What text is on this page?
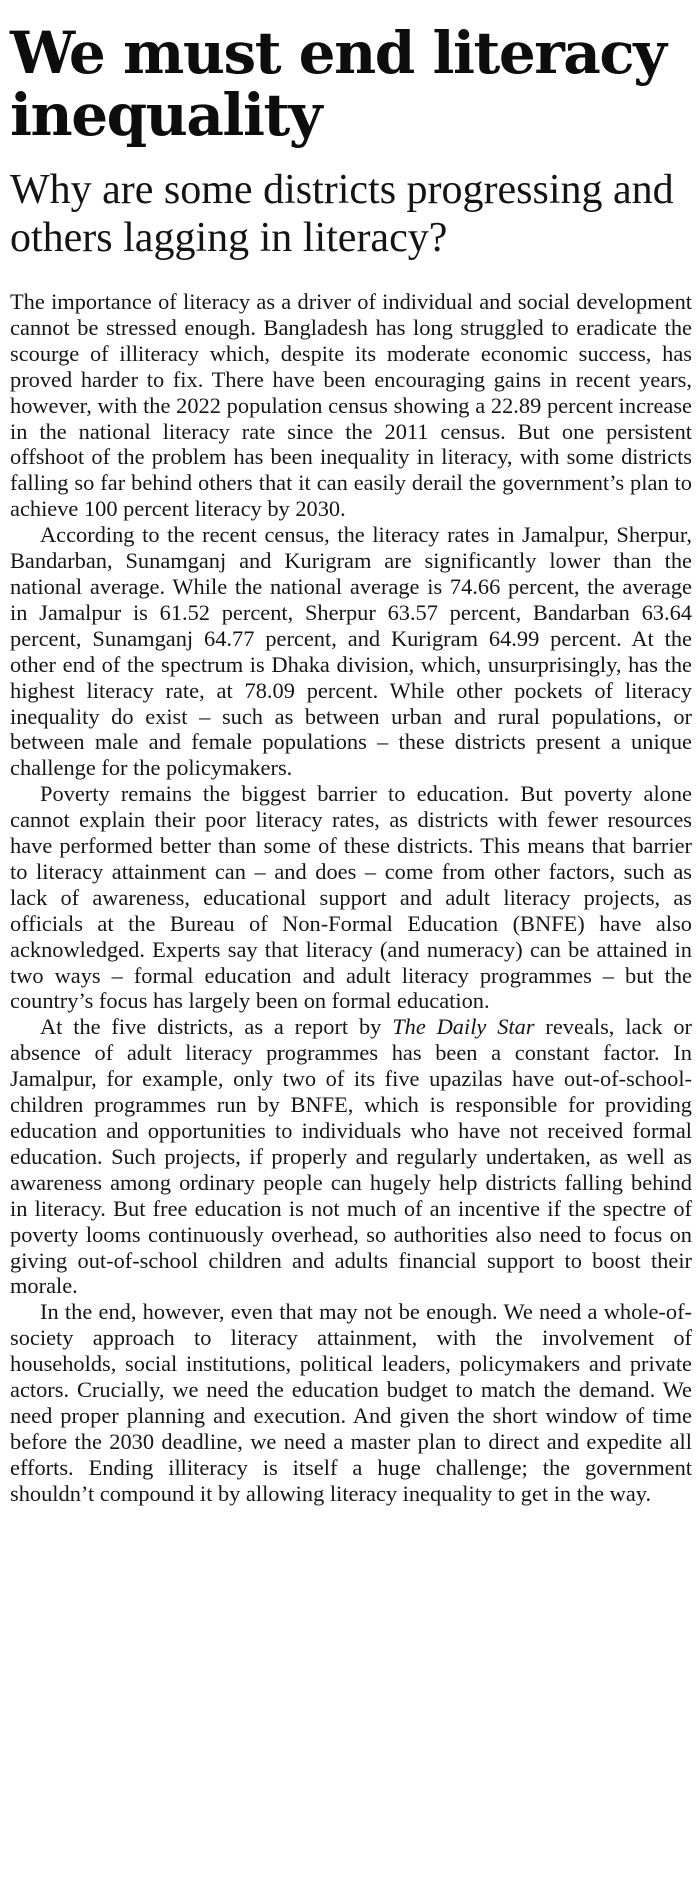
We must end literacy inequality
Why are some districts progressing and others lagging in literacy?

The importance of literacy as a driver of individual and social development cannot be stressed enough. Bangladesh has long struggled to eradicate the scourge of illiteracy which, despite its moderate economic success, has proved harder to fix. There have been encouraging gains in recent years, however, with the 2022 population census showing a 22.89 percent increase in the national literacy rate since the 2011 census. But one persistent offshoot of the problem has been inequality in literacy, with some districts falling so far behind others that it can easily derail the government’s plan to achieve 100 percent literacy by 2030.

According to the recent census, the literacy rates in Jamalpur, Sherpur, Bandarban, Sunamganj and Kurigram are significantly lower than the national average. While the national average is 74.66 percent, the average in Jamalpur is 61.52 percent, Sherpur 63.57 percent, Bandarban 63.64 percent, Sunamganj 64.77 percent, and Kurigram 64.99 percent. At the other end of the spectrum is Dhaka division, which, unsurprisingly, has the highest literacy rate, at 78.09 percent. While other pockets of literacy inequality do exist – such as between urban and rural populations, or between male and female populations – these districts present a unique challenge for the policymakers.

Poverty remains the biggest barrier to education. But poverty alone cannot explain their poor literacy rates, as districts with fewer resources have performed better than some of these districts. This means that barrier to literacy attainment can – and does – come from other factors, such as lack of awareness, educational support and adult literacy projects, as officials at the Bureau of Non-Formal Education (BNFE) have also acknowledged. Experts say that literacy (and numeracy) can be attained in two ways – formal education and adult literacy programmes – but the country’s focus has largely been on formal education.

At the five districts, as a report by The Daily Star reveals, lack or absence of adult literacy programmes has been a constant factor. In Jamalpur, for example, only two of its five upazilas have out-of-school-children programmes run by BNFE, which is responsible for providing education and opportunities to individuals who have not received formal education. Such projects, if properly and regularly undertaken, as well as awareness among ordinary people can hugely help districts falling behind in literacy. But free education is not much of an incentive if the spectre of poverty looms continuously overhead, so authorities also need to focus on giving out-of-school children and adults financial support to boost their morale.

In the end, however, even that may not be enough. We need a whole-of-society approach to literacy attainment, with the involvement of households, social institutions, political leaders, policymakers and private actors. Crucially, we need the education budget to match the demand. We need proper planning and execution. And given the short window of time before the 2030 deadline, we need a master plan to direct and expedite all efforts. Ending illiteracy is itself a huge challenge; the government shouldn’t compound it by allowing literacy inequality to get in the way.
